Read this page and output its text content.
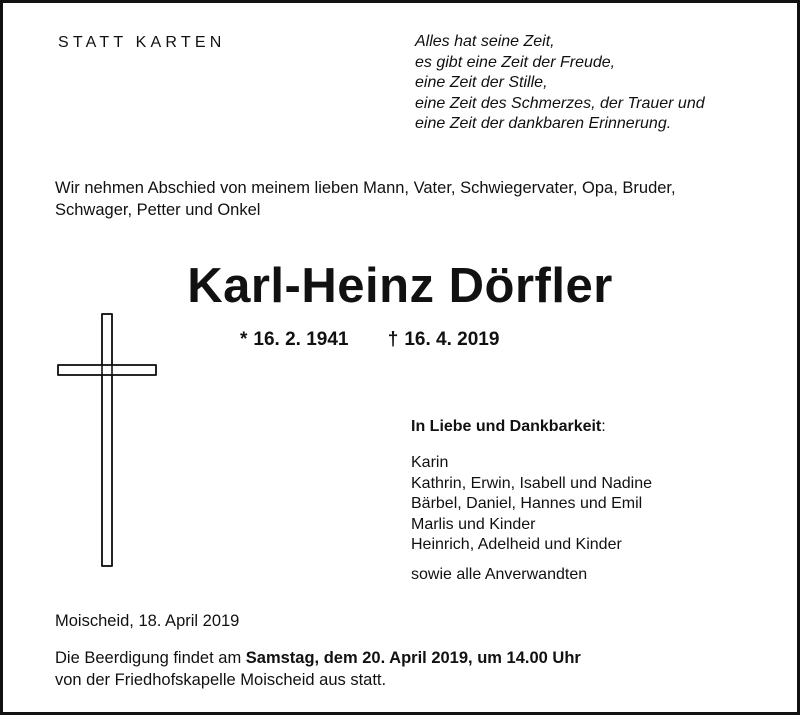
STATT KARTEN	Alles hat seine Zeit,
es gibt eine Zeit der Freude,
eine Zeit der Stille,
eine Zeit des Schmerzes, der Trauer und
eine Zeit der dankbaren Erinnerung.
Wir nehmen Abschied von meinem lieben Mann, Vater, Schwiegervater, Opa, Bruder,
Schwager, Petter und Onkel
Karl-Heinz Dörfler
* 16. 2. 1941 † 16. 4. 2019
In Liebe und Dankbarkeit:
Karin
Kathrin, Erwin, Isabell und Nadine
Bärbel, Daniel, Hannes und Emil
Marlis und Kinder
Heinrich, Adelheid und Kinder
sowie alle Anverwandten
Moischeid, 18. April 2019
Die Beerdigung findet am Samstag, dem 20. April 2019, um 14.00 Uhr
von der Friedhofskapelle Moischeid aus statt.
